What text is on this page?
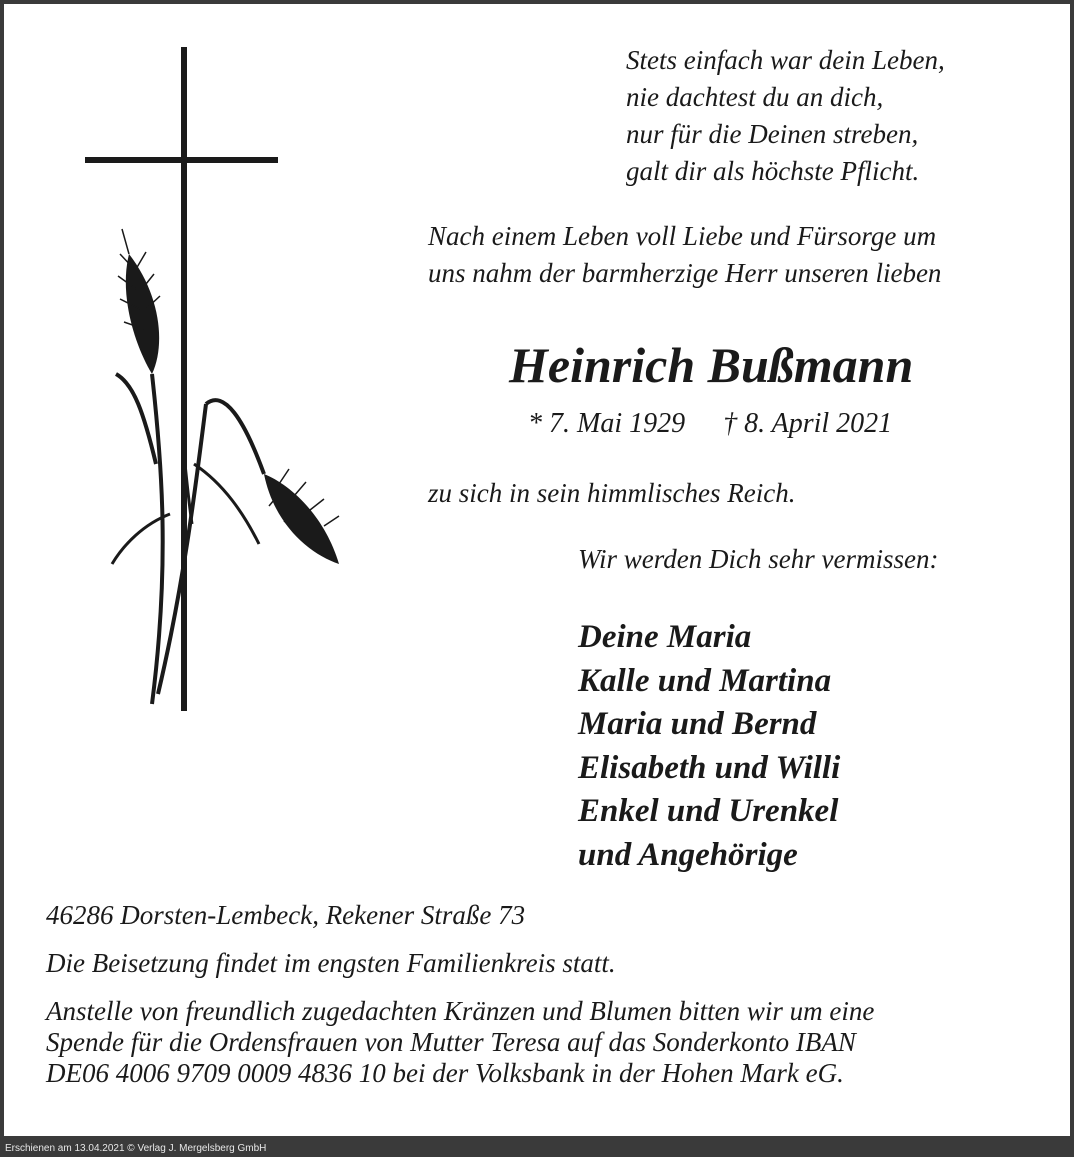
Stets einfach war dein Leben,
nie dachtest du an dich,
nur für die Deinen streben,
galt dir als höchste Pflicht.
Nach einem Leben voll Liebe und Fürsorge um
uns nahm der barmherzige Herr unseren lieben
Heinrich Bußmann
* 7. Mai 1929 † 8. April 2021
zu sich in sein himmlisches Reich.
Wir werden Dich sehr vermissen:
Deine Maria
Kalle und Martina
Maria und Bernd
Elisabeth und Willi
Enkel und Urenkel
und Angehörige
46286 Dorsten-Lembeck, Rekener Straße 73
Die Beisetzung findet im engsten Familienkreis statt.
Anstelle von freundlich zugedachten Kränzen und Blumen bitten wir um eine
Spende für die Ordensfrauen von Mutter Teresa auf das Sonderkonto IBAN
DE06 4006 9709 0009 4836 10 bei der Volksbank in der Hohen Mark eG.
Erschienen am 13.04.2021 © Verlag J. Mergelsberg GmbH
